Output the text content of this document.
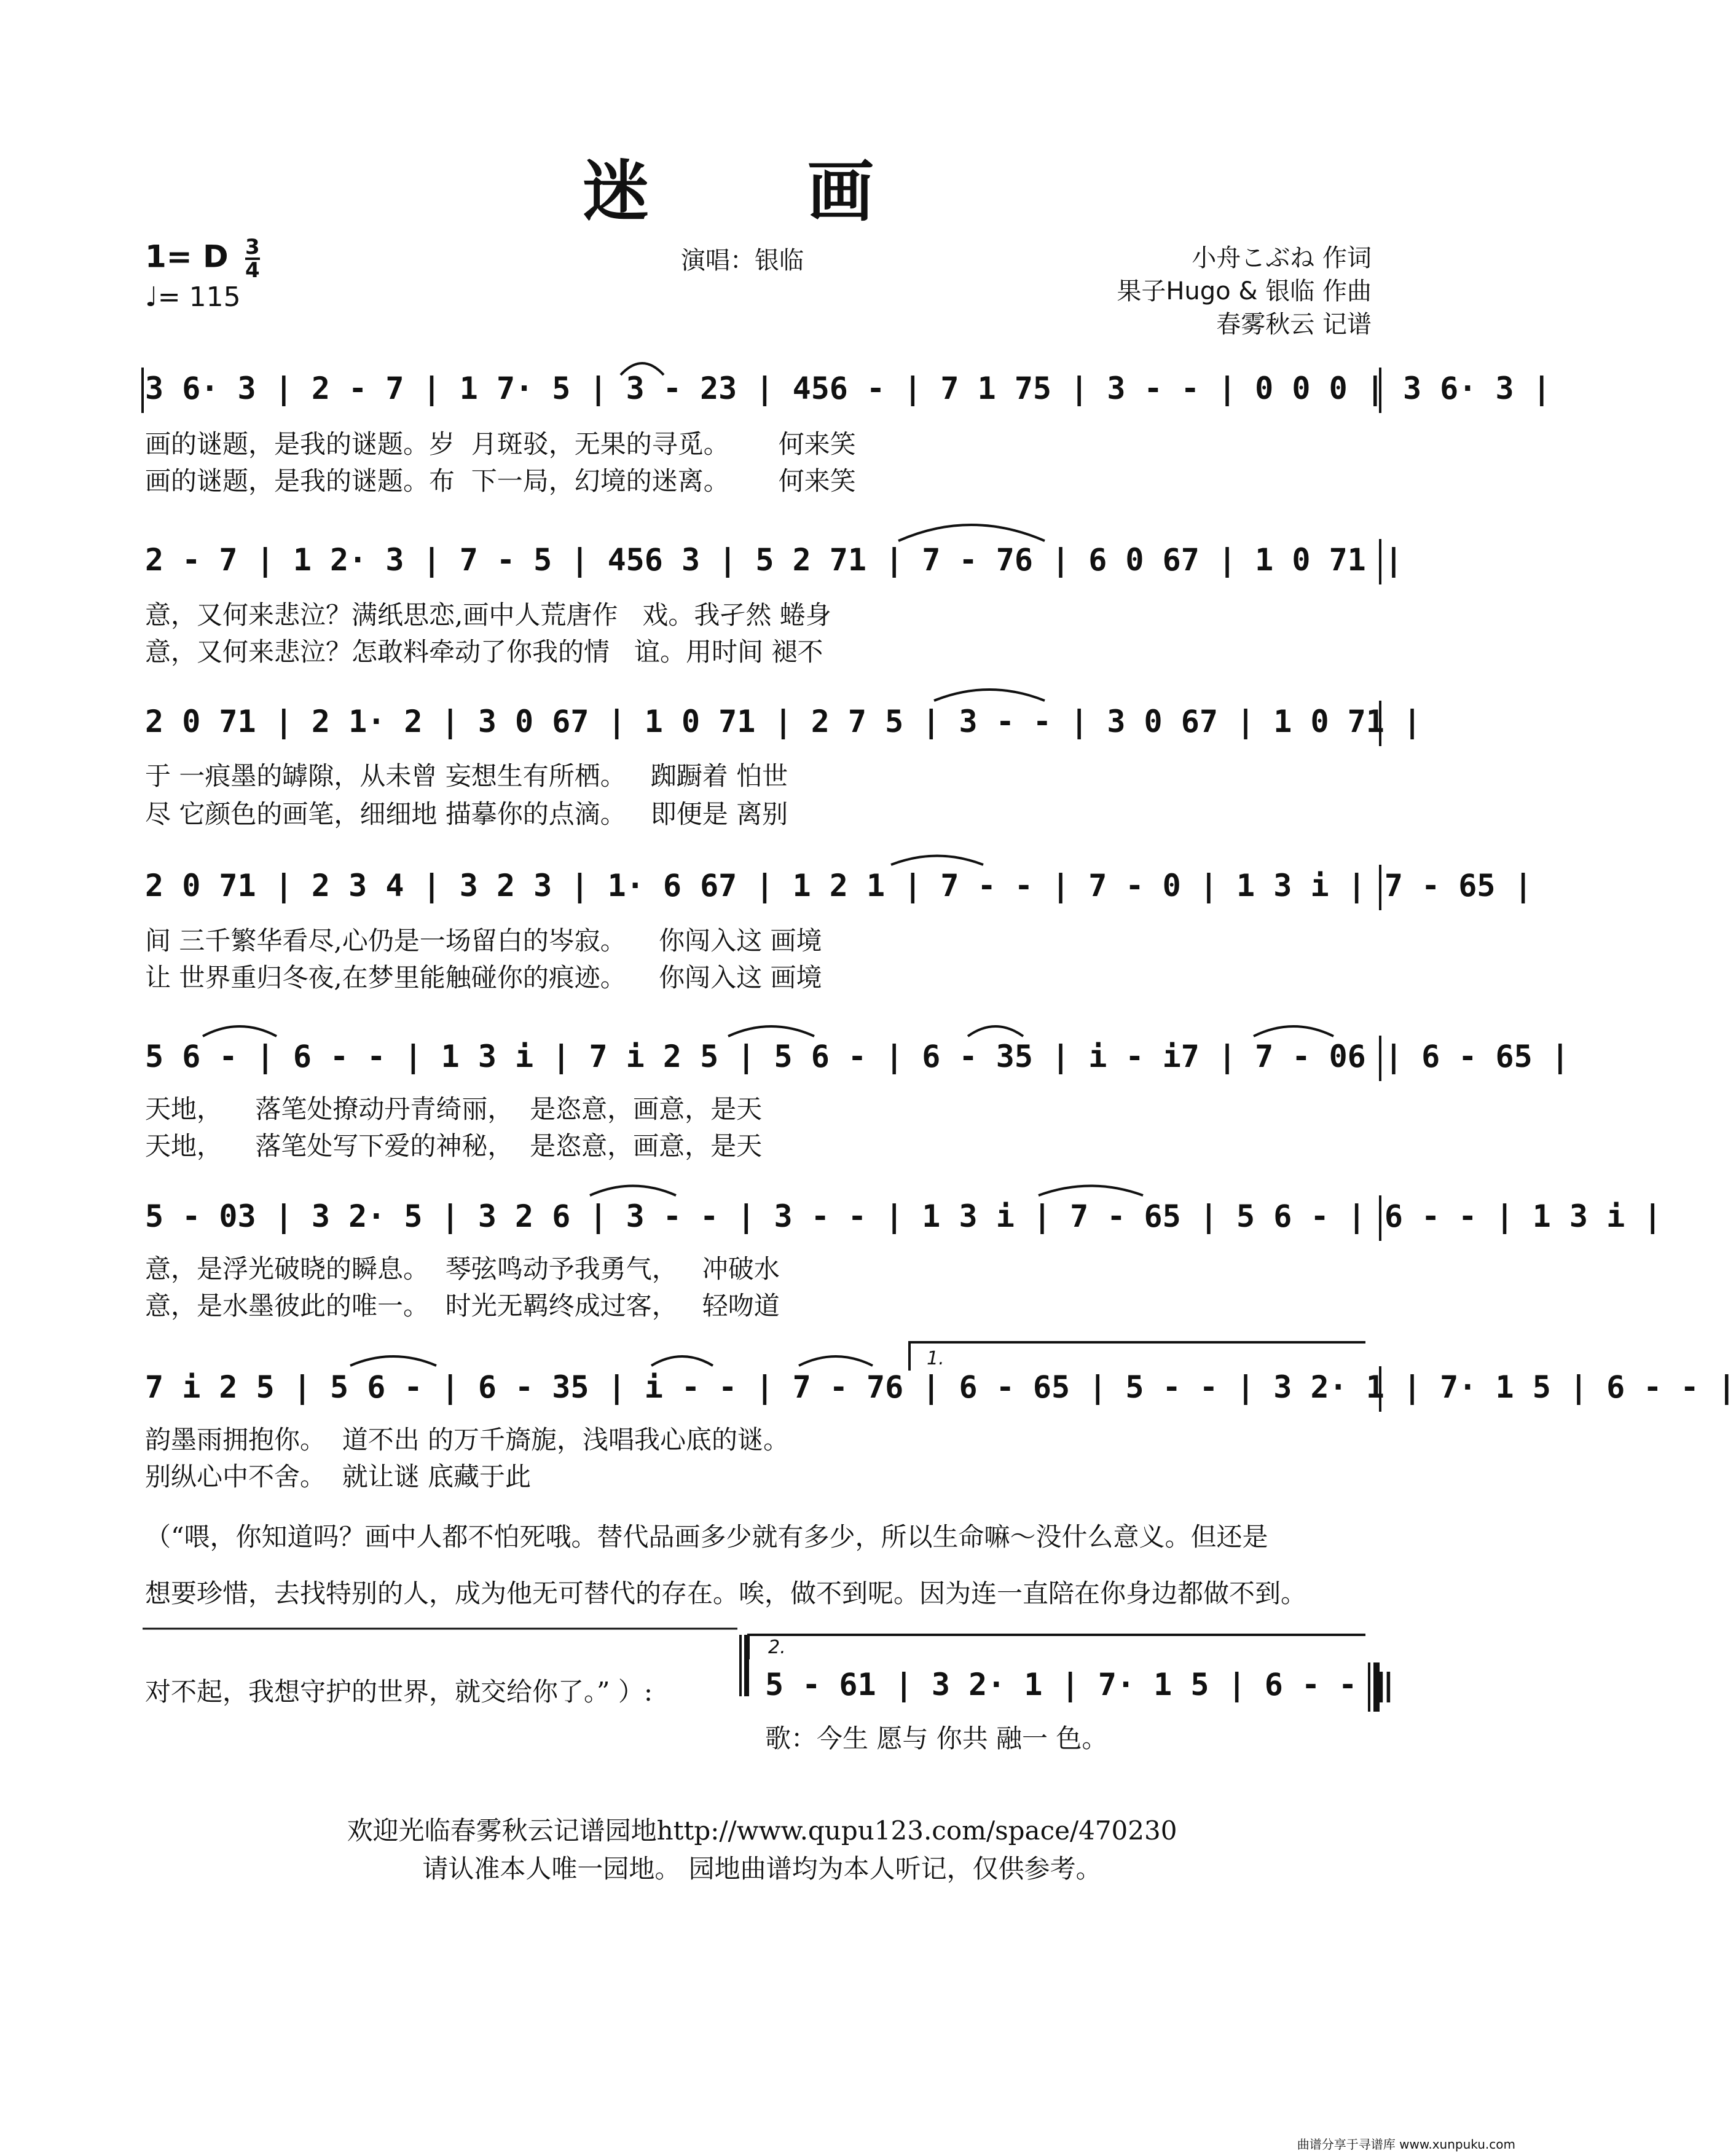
迷 画
1= D $\frac{3}{4}$
♩= 115
演唱：银临	小舟こぶね 作词
果子Hugo & 银临 作曲
春雾秋云 记谱
3 6· 3 | 2 - 7 | 1 7· 5 | 3 - 23 | 456 - | 7 1 75 | 3 - - | 0 0 0 | 3 6· 3 |
画的谜题，是我的谜题。岁  月斑驳，无果的寻觅。      何来笑
画的谜题，是我的谜题。布  下一局，幻境的迷离。      何来笑
2 - 7 | 1 2· 3 | 7 - 5 | 456 3 | 5 2 71 | 7 - 76 | 6 0 67 | 1 0 71 |
意，又何来悲泣？满纸思恋,画中人荒唐作   戏。我孑然 蜷身
意，又何来悲泣？怎敢料牵动了你我的情   谊。用时间 褪不
2 0 71 | 2 1· 2 | 3 0 67 | 1 0 71 | 2 7 5 | 3 - - | 3 0 67 | 1 0 71 |
于 一痕墨的罅隙，从未曾 妄想生有所栖。   踟蹰着 怕世
尽 它颜色的画笔，细细地 描摹你的点滴。   即便是 离别
2 0 71 | 2 3 4 | 3 2 3 | 1· 6 67 | 1 2 1 | 7 - - | 7 - 0 | 1 3 i | 7 - 65 |
间 三千繁华看尽,心仍是一场留白的岑寂。    你闯入这 画境
让 世界重归冬夜,在梦里能触碰你的痕迹。    你闯入这 画境
5 6 - | 6 - - | 1 3 i | 7 i 2 5 | 5 6 - | 6 - 35 | i - i7 | 7 - 06 | 6 - 65 |
天地，    落笔处撩动丹青绮丽，  是恣意，画意，是天
天地，    落笔处写下爱的神秘，  是恣意，画意，是天
5 - 03 | 3 2· 5 | 3 2 6 | 3 - - | 3 - - | 1 3 i | 7 - 65 | 5 6 - | 6 - - | 1 3 i |
意，是浮光破晓的瞬息。  琴弦鸣动予我勇气，   冲破水
意，是水墨彼此的唯一。  时光无羁终成过客，   轻吻道
1.
7 i 2 5 | 5 6 - | 6 - 35 | i - - | 7 - 76 | 6 - 65 | 5 - - | 3 2· 1 | 7· 1 5 | 6 - - |
韵墨雨拥抱你。  道不出 的万千旖旎，浅唱我心底的谜。
别纵心中不舍。  就让谜 底藏于此
（“喂，你知道吗？画中人都不怕死哦。替代品画多少就有多少，所以生命嘛～没什么意义。但还是
想要珍惜，去找特别的人，成为他无可替代的存在。唉，做不到呢。因为连一直陪在你身边都做不到。
对不起，我想守护的世界，就交给你了。” ）:
2.
5 - 61 | 3 2· 1 | 7· 1 5 | 6 - - ‖
歌：今生 愿与 你共 融一 色。
欢迎光临春雾秋云记谱园地http://www.qupu123.com/space/470230
请认准本人唯一园地。 园地曲谱均为本人听记，仅供参考。
曲谱分享于寻谱库 www.xunpuku.com
